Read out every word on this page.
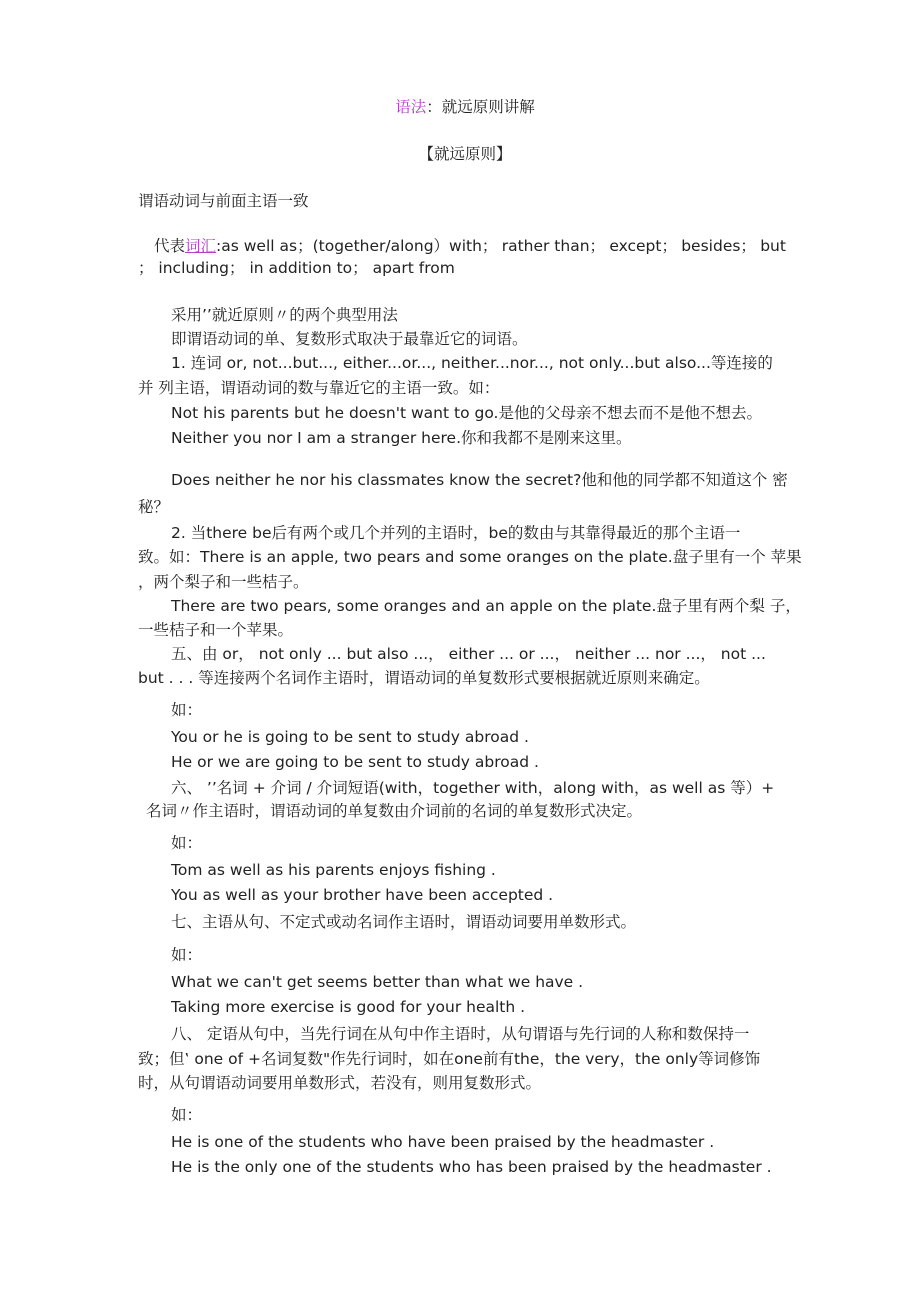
语法：就远原则讲解
【就远原则】
谓语动词与前面主语一致
代表词汇:as well as；(together/along）with； rather than； except； besides； but
； including； in addition to； apart from
采用’’就近原则〃的两个典型用法
即谓语动词的单、复数形式取决于最靠近它的词语。
1. 连词 or, not...but..., either...or..., neither...nor..., not only...but also...等连接的
并 列主语，谓语动词的数与靠近它的主语一致。如：
Not his parents but he doesn't want to go.是他的父母亲不想去而不是他不想去。
Neither you nor I am a stranger here.你和我都不是刚来这里。
Does neither he nor his classmates know the secret?他和他的同学都不知道这个 密
秘？
2. 当there be后有两个或几个并列的主语时，be的数由与其靠得最近的那个主语一
致。如：There is an apple, two pears and some oranges on the plate.盘子里有一个 苹果
，两个梨子和一些桔子。
There are two pears, some oranges and an apple on the plate.盘子里有两个梨 子，
一些桔子和一个苹果。
五、由 or， not only ... but also ...， either ... or ...， neither ... nor ...， not ...
but . . . 等连接两个名词作主语时，谓语动词的单复数形式要根据就近原则来确定。
如：
You or he is going to be sent to study abroad .
He or we are going to be sent to study abroad .
六、 ’’名词 + 介词 / 介词短语(with，together with，along with，as well as 等）+
名词〃作主语时，谓语动词的单复数由介词前的名词的单复数形式决定。
如：
Tom as well as his parents enjoys fishing .
You as well as your brother have been accepted .
七、主语从句、不定式或动名词作主语时，谓语动词要用单数形式。
如：
What we can't get seems better than what we have .
Taking more exercise is good for your health .
八、 定语从句中，当先行词在从句中作主语时，从句谓语与先行词的人称和数保持一
致；但‛ one of +名词复数"作先行词时，如在one前有the，the very，the only等词修饰
时，从句谓语动词要用单数形式，若没有，则用复数形式。
如：
He is one of the students who have been praised by the headmaster .
He is the only one of the students who has been praised by the headmaster .
